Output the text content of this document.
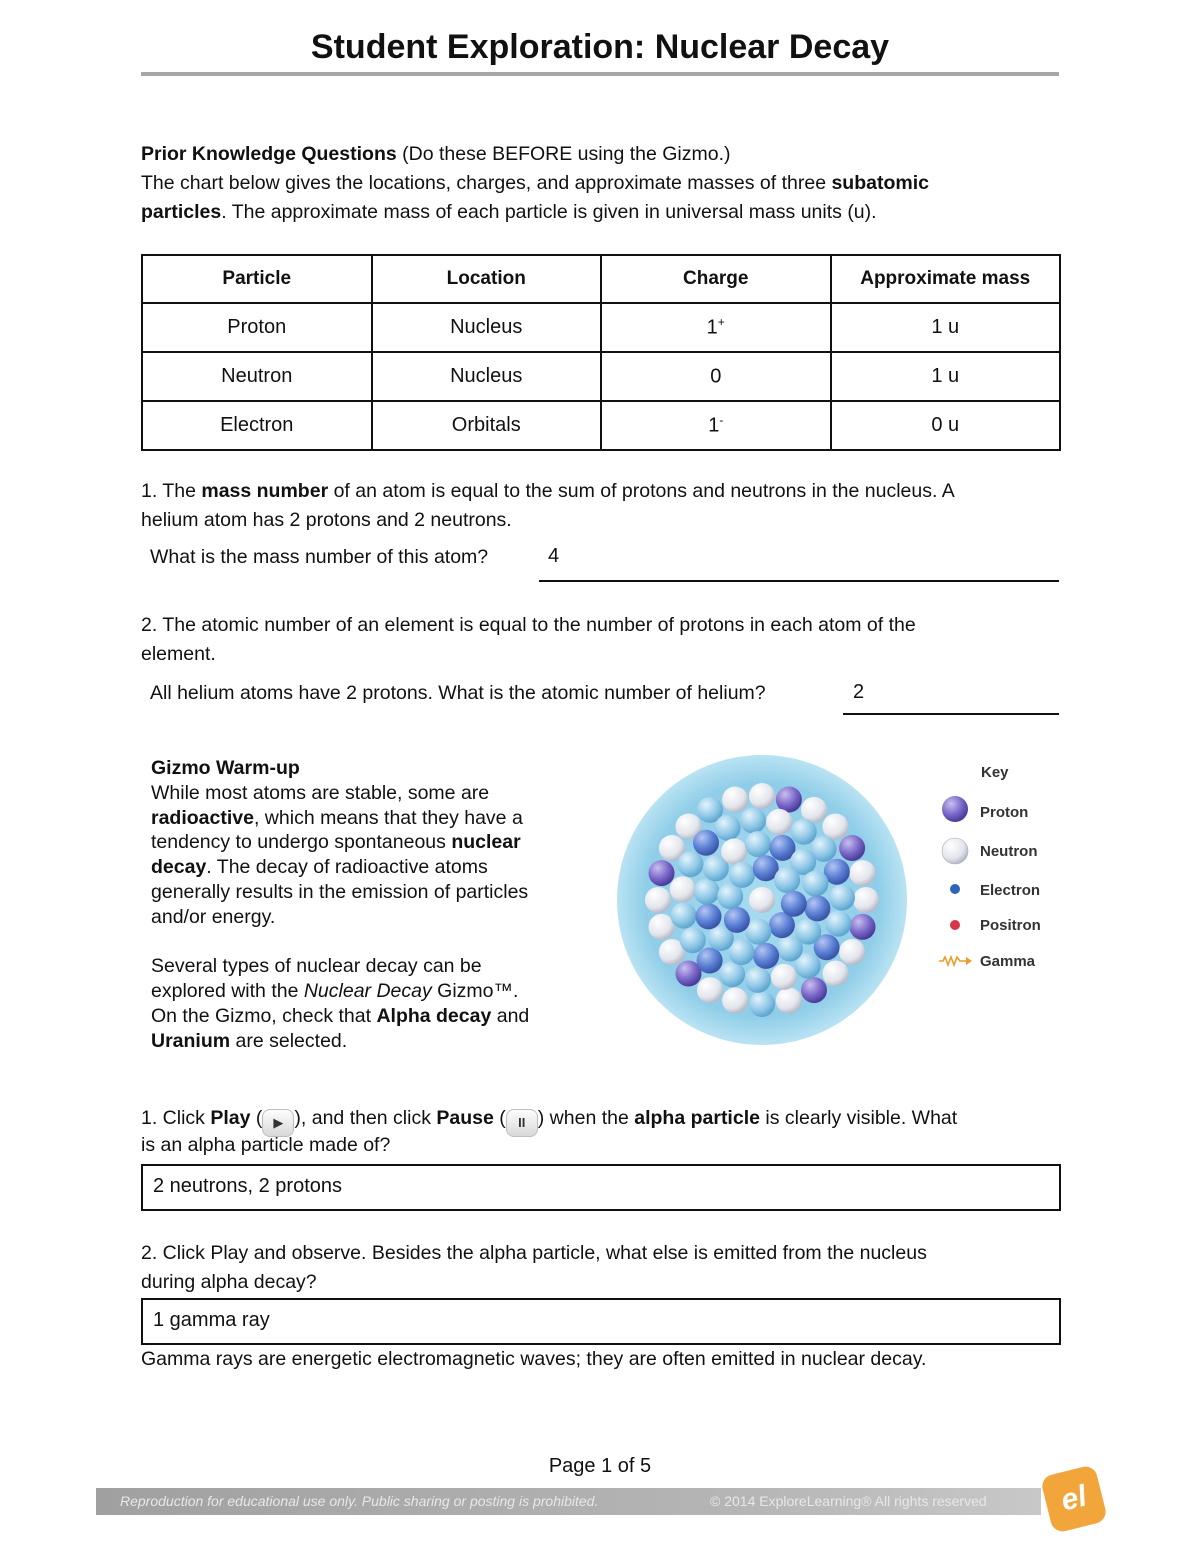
Student Exploration: Nuclear Decay
Prior Knowledge Questions (Do these BEFORE using the Gizmo.)
The chart below gives the locations, charges, and approximate masses of three subatomic
particles. The approximate mass of each particle is given in universal mass units (u).
Particle	Location	Charge	Approximate mass
Proton	Nucleus	1+	1 u
Neutron	Nucleus	0	1 u
Electron	Orbitals	1-	0 u
1. The mass number of an atom is equal to the sum of protons and neutrons in the nucleus. A
helium atom has 2 protons and 2 neutrons.
What is the mass number of this atom?	4
2. The atomic number of an element is equal to the number of protons in each atom of the
element.
All helium atoms have 2 protons. What is the atomic number of helium?	2
Gizmo Warm-up
While most atoms are stable, some are
radioactive, which means that they have a
tendency to undergo spontaneous nuclear
decay. The decay of radioactive atoms
generally results in the emission of particles
and/or energy.
Several types of nuclear decay can be
explored with the Nuclear Decay Gizmo™.
On the Gizmo, check that Alpha decay and
Uranium are selected.
Key
Proton
Neutron
Electron
Positron
Gamma
1. Click Play ( ▶ ), and then click Pause ( II ) when the alpha particle is clearly visible. What
is an alpha particle made of?
2 neutrons, 2 protons
2. Click Play and observe. Besides the alpha particle, what else is emitted from the nucleus
during alpha decay?
1 gamma ray
Gamma rays are energetic electromagnetic waves; they are often emitted in nuclear decay.
Page 1 of 5
Reproduction for educational use only. Public sharing or posting is prohibited.	© 2014 ExploreLearning® All rights reserved	el
